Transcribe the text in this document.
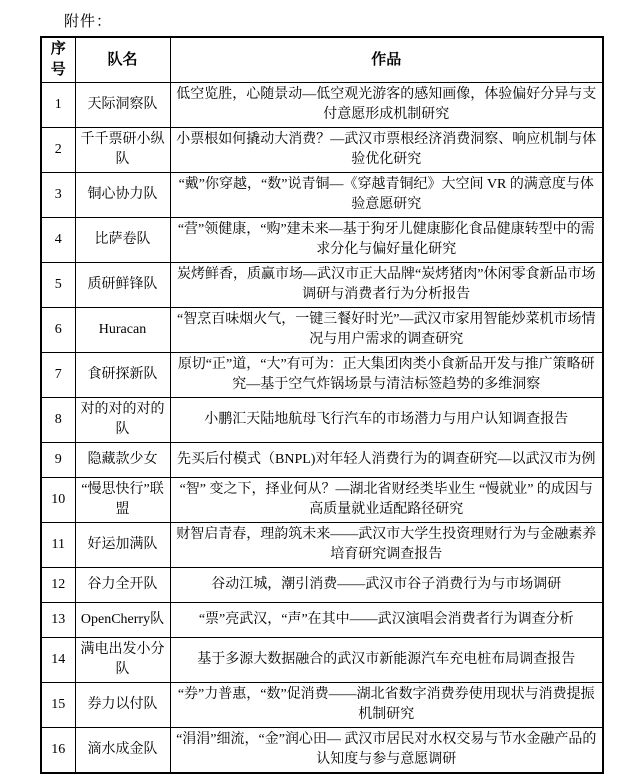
附件：

序号	队名	作品
1	天际洞察队	低空览胜，心随景动—低空观光游客的感知画像，体验偏好分异与支付意愿形成机制研究
2	千千票研小纵队	小票根如何撬动大消费？—武汉市票根经济消费洞察、响应机制与体验优化研究
3	铜心协力队	“戴”你穿越，“数”说青铜—《穿越青铜纪》大空间 VR 的满意度与体验意愿研究
4	比萨卷队	“营”领健康，“购”建未来—基于狗牙儿健康膨化食品健康转型中的需求分化与偏好量化研究
5	质研鲜锋队	炭烤鲜香，质赢市场—武汉市正大品牌“炭烤猪肉”休闲零食新品市场调研与消费者行为分析报告
6	Huracan	“智烹百味烟火气，一键三餐好时光”—武汉市家用智能炒菜机市场情况与用户需求的调查研究
7	食研探新队	原切“正”道，“大”有可为：正大集团肉类小食新品开发与推广策略研究—基于空气炸锅场景与清洁标签趋势的多维洞察
8	对的对的对的队	小鹏汇天陆地航母飞行汽车的市场潜力与用户认知调查报告
9	隐藏款少女	先买后付模式（BNPL)对年轻人消费行为的调查研究—以武汉市为例
10	“慢思快行”联盟	“智” 变之下，择业何从？—湖北省财经类毕业生 “慢就业” 的成因与高质量就业适配路径研究
11	好运加满队	财智启青春，理韵筑未来——武汉市大学生投资理财行为与金融素养培育研究调查报告
12	谷力全开队	谷动江城，潮引消费——武汉市谷子消费行为与市场调研
13	OpenCherry队	“票”亮武汉，“声”在其中——武汉演唱会消费者行为调查分析
14	满电出发小分队	基于多源大数据融合的武汉市新能源汽车充电桩布局调查报告
15	券力以付队	“券”力普惠，“数”促消费——湖北省数字消费券使用现状与消费提振机制研究
16	滴水成金队	“涓涓”细流，“金”润心田— 武汉市居民对水权交易与节水金融产品的认知度与参与意愿调研
